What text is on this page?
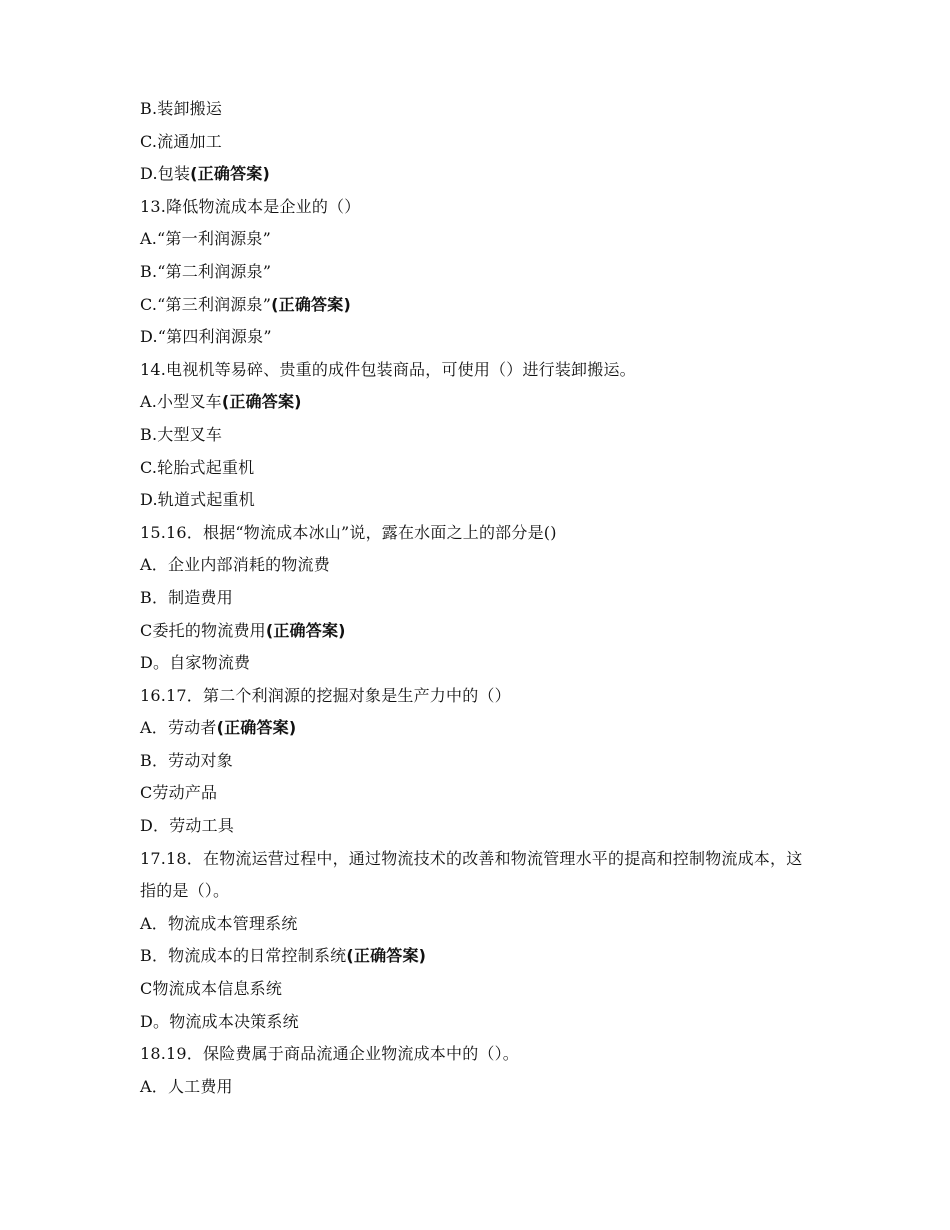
B.装卸搬运
C.流通加工
D.包装(正确答案)
13.降低物流成本是企业的（）
A.“第一利润源泉”
B.“第二利润源泉”
C.“第三利润源泉”(正确答案)
D.“第四利润源泉”
14.电视机等易碎、贵重的成件包装商品，可使用（）进行装卸搬运。
A.小型叉车(正确答案)
B.大型叉车
C.轮胎式起重机
D.轨道式起重机
15.16．根据“物流成本冰山”说，露在水面之上的部分是()
A．企业内部消耗的物流费
B．制造费用
C委托的物流费用(正确答案)
D。自家物流费
16.17．第二个利润源的挖掘对象是生产力中的（）
A．劳动者(正确答案)
B．劳动对象
C劳动产品
D．劳动工具
17.18．在物流运营过程中，通过物流技术的改善和物流管理水平的提高和控制物流成本，这指的是（）。
A．物流成本管理系统
B．物流成本的日常控制系统(正确答案)
C物流成本信息系统
D。物流成本决策系统
18.19．保险费属于商品流通企业物流成本中的（）。
A．人工费用
